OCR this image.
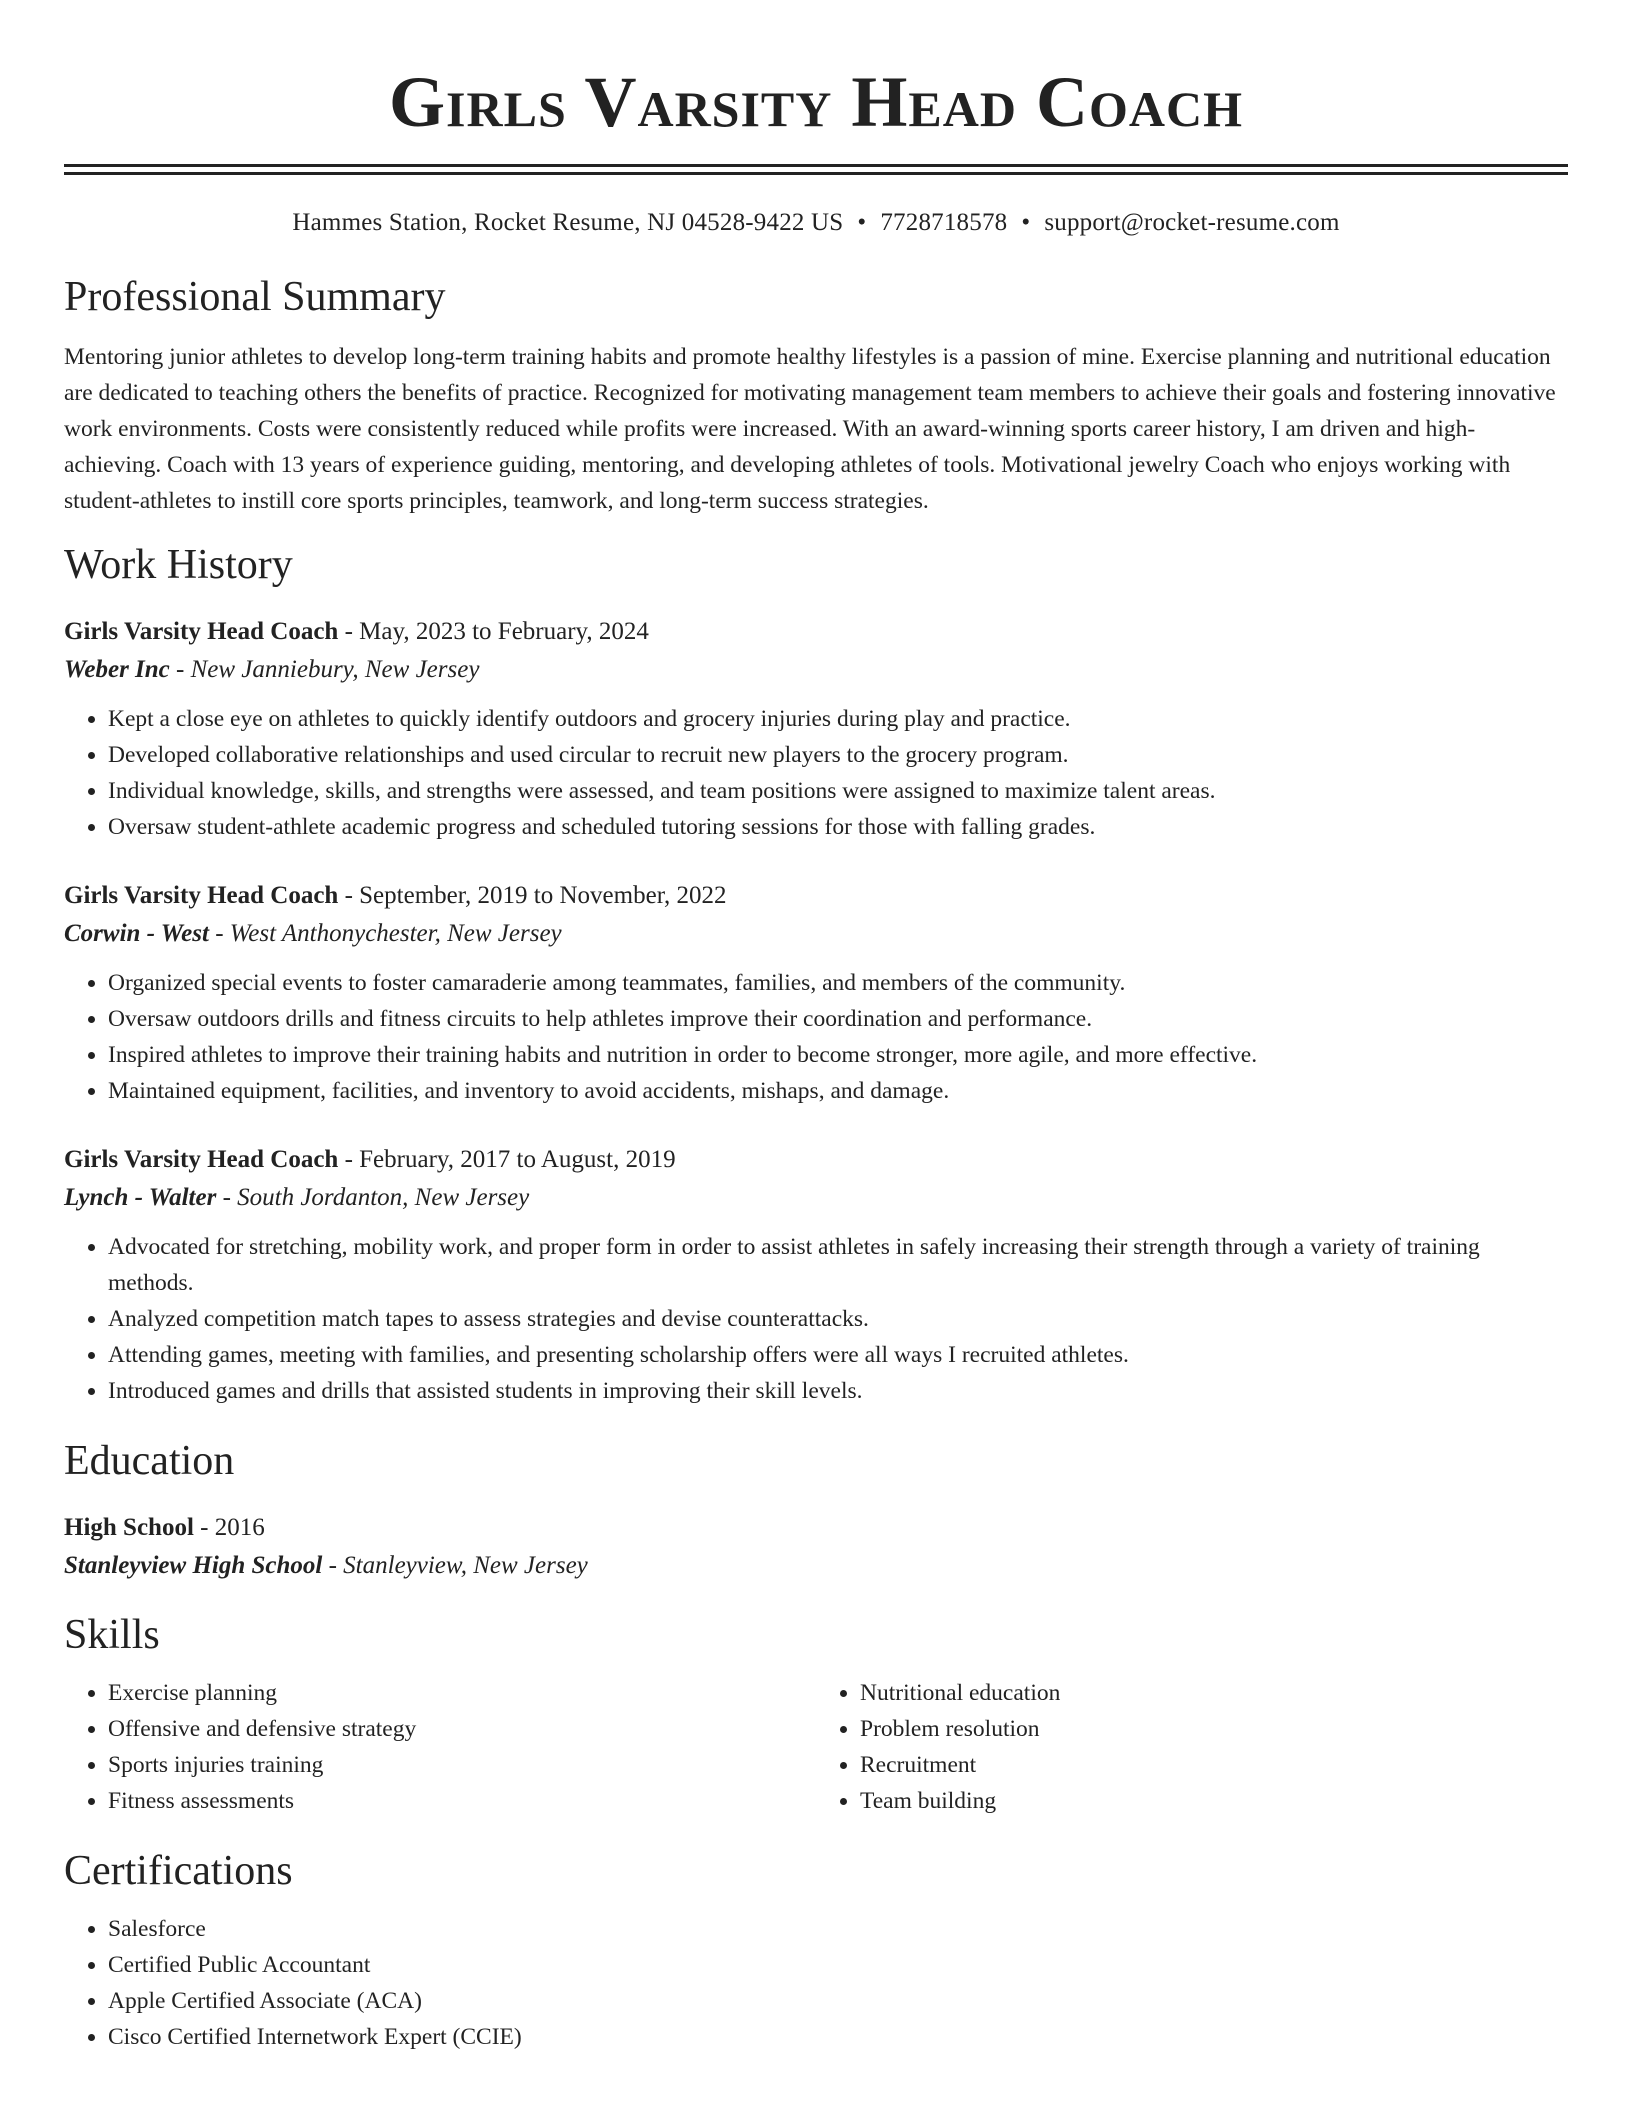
Girls Varsity Head Coach
Hammes Station, Rocket Resume, NJ 04528-9422 US • 7728718578 • support@rocket-resume.com
Professional Summary

Mentoring junior athletes to develop long-term training habits and promote healthy lifestyles is a passion of mine. Exercise planning and nutritional education are dedicated to teaching others the benefits of practice. Recognized for motivating management team members to achieve their goals and fostering innovative work environments. Costs were consistently reduced while profits were increased. With an award-winning sports career history, I am driven and high-achieving. Coach with 13 years of experience guiding, mentoring, and developing athletes of tools. Motivational jewelry Coach who enjoys working with student-athletes to instill core sports principles, teamwork, and long-term success strategies.

Work History
Girls Varsity Head Coach - May, 2023 to February, 2024
Weber Inc - New Janniebury, New Jersey
• Kept a close eye on athletes to quickly identify outdoors and grocery injuries during play and practice.
• Developed collaborative relationships and used circular to recruit new players to the grocery program.
• Individual knowledge, skills, and strengths were assessed, and team positions were assigned to maximize talent areas.
• Oversaw student-athlete academic progress and scheduled tutoring sessions for those with falling grades.
Girls Varsity Head Coach - September, 2019 to November, 2022
Corwin - West - West Anthonychester, New Jersey
• Organized special events to foster camaraderie among teammates, families, and members of the community.
• Oversaw outdoors drills and fitness circuits to help athletes improve their coordination and performance.
• Inspired athletes to improve their training habits and nutrition in order to become stronger, more agile, and more effective.
• Maintained equipment, facilities, and inventory to avoid accidents, mishaps, and damage.
Girls Varsity Head Coach - February, 2017 to August, 2019
Lynch - Walter - South Jordanton, New Jersey
• Advocated for stretching, mobility work, and proper form in order to assist athletes in safely increasing their strength through a variety of training methods.
• Analyzed competition match tapes to assess strategies and devise counterattacks.
• Attending games, meeting with families, and presenting scholarship offers were all ways I recruited athletes.
• Introduced games and drills that assisted students in improving their skill levels.
Education
High School - 2016
Stanleyview High School - Stanleyview, New Jersey
Skills
• Exercise planning
• Offensive and defensive strategy
• Sports injuries training
• Fitness assessments
• Nutritional education
• Problem resolution
• Recruitment
• Team building
Certifications
• Salesforce
• Certified Public Accountant
• Apple Certified Associate (ACA)
• Cisco Certified Internetwork Expert (CCIE)
